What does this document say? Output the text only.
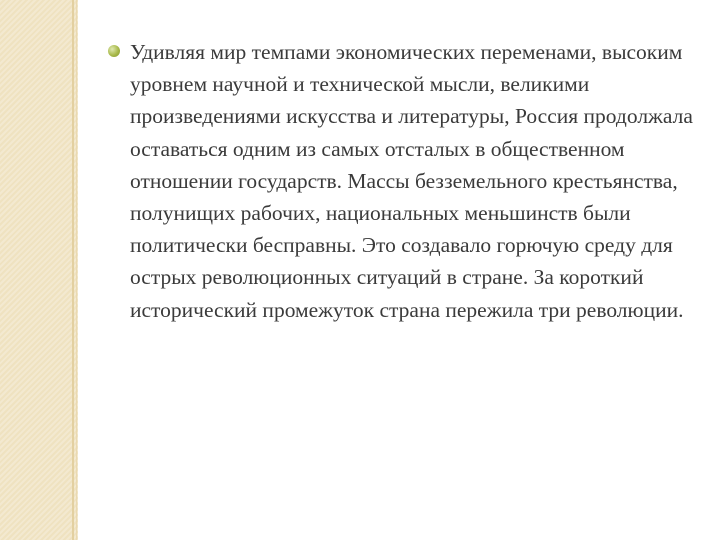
Удивляя мир темпами экономических переменами, высоким уровнем научной и технической мысли, великими произведениями искусства и литературы, Россия продолжала оставаться одним из самых отсталых в общественном отношении государств. Массы безземельного крестьянства, полунищих рабочих, национальных меньшинств были политически бесправны. Это создавало горючую среду для острых революционных ситуаций в стране. За короткий исторический промежуток страна пережила три революции.
